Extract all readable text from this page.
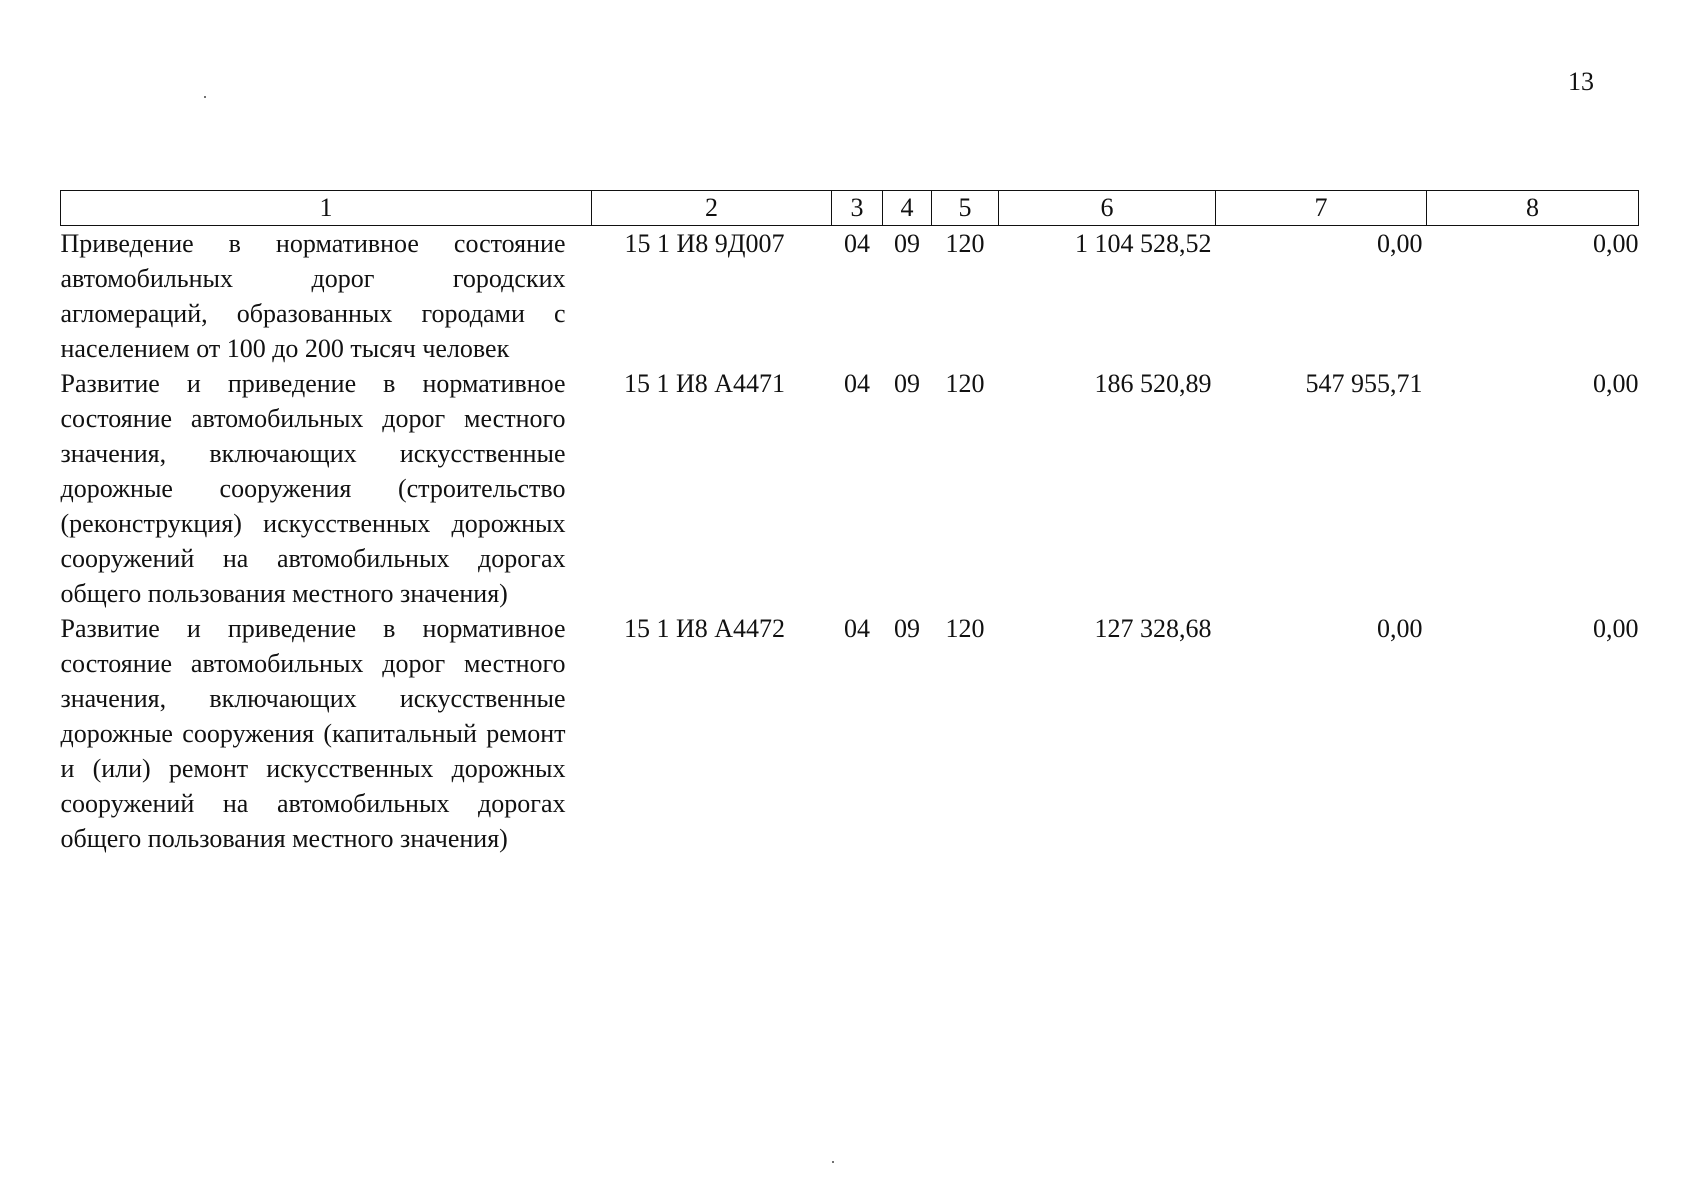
13
1	2	3	4	5	6	7	8
Приведение в нормативное состояние автомобильных дорог городских агломераций, образованных городами с населением от 100 до 200 тысяч человек	15 1 И8 9Д007	04	09	120	1 104 528,52	0,00	0,00
Развитие и приведение в нормативное состояние автомобильных дорог местного значения, включающих искусственные дорожные сооружения (строительство (реконструкция) искусственных дорожных сооружений на автомобильных дорогах общего пользования местного значения)	15 1 И8 А4471	04	09	120	186 520,89	547 955,71	0,00
Развитие и приведение в нормативное состояние автомобильных дорог местного значения, включающих искусственные дорожные сооружения (капитальный ремонт и (или) ремонт искусственных дорожных сооружений на автомобильных дорогах общего пользования местного значения)	15 1 И8 А4472	04	09	120	127 328,68	0,00	0,00
